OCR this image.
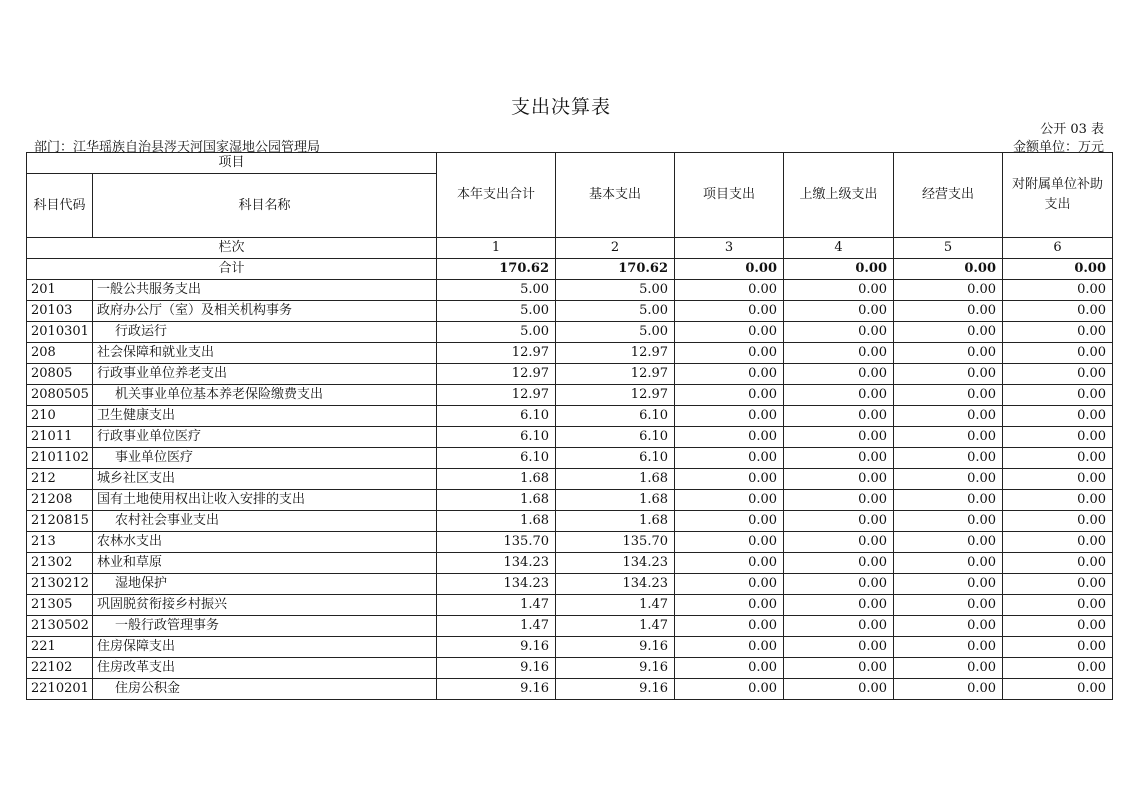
支出决算表
公开 03 表
部门：江华瑶族自治县涔天河国家湿地公园管理局	金额单位：万元
项目		本年支出合计	基本支出	项目支出	上缴上级支出	经营支出	对附属单位补助支出
科目代码	科目名称						
栏次		1	2	3	4	5	6
合计		170.62	170.62	0.00	0.00	0.00	0.00
201	一般公共服务支出	5.00	5.00	0.00	0.00	0.00	0.00
20103	政府办公厅（室）及相关机构事务	5.00	5.00	0.00	0.00	0.00	0.00
2010301	行政运行	5.00	5.00	0.00	0.00	0.00	0.00
208	社会保障和就业支出	12.97	12.97	0.00	0.00	0.00	0.00
20805	行政事业单位养老支出	12.97	12.97	0.00	0.00	0.00	0.00
2080505	机关事业单位基本养老保险缴费支出	12.97	12.97	0.00	0.00	0.00	0.00
210	卫生健康支出	6.10	6.10	0.00	0.00	0.00	0.00
21011	行政事业单位医疗	6.10	6.10	0.00	0.00	0.00	0.00
2101102	事业单位医疗	6.10	6.10	0.00	0.00	0.00	0.00
212	城乡社区支出	1.68	1.68	0.00	0.00	0.00	0.00
21208	国有土地使用权出让收入安排的支出	1.68	1.68	0.00	0.00	0.00	0.00
2120815	农村社会事业支出	1.68	1.68	0.00	0.00	0.00	0.00
213	农林水支出	135.70	135.70	0.00	0.00	0.00	0.00
21302	林业和草原	134.23	134.23	0.00	0.00	0.00	0.00
2130212	湿地保护	134.23	134.23	0.00	0.00	0.00	0.00
21305	巩固脱贫衔接乡村振兴	1.47	1.47	0.00	0.00	0.00	0.00
2130502	一般行政管理事务	1.47	1.47	0.00	0.00	0.00	0.00
221	住房保障支出	9.16	9.16	0.00	0.00	0.00	0.00
22102	住房改革支出	9.16	9.16	0.00	0.00	0.00	0.00
2210201	住房公积金	9.16	9.16	0.00	0.00	0.00	0.00
